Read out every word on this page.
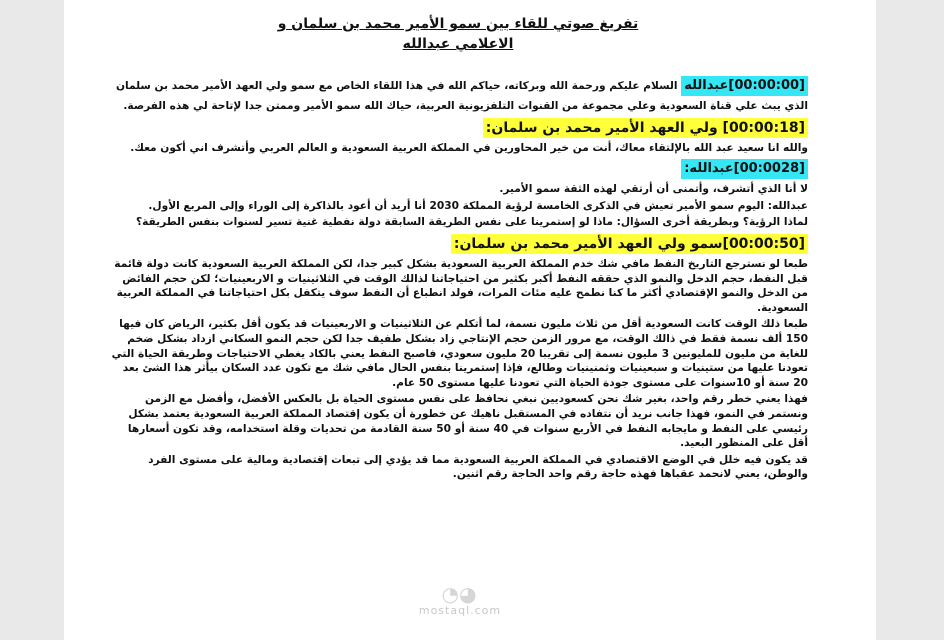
تفريغ صوتي للقاء بين سمو الأمير محمد بن سلمان و
الاعلامي عبدالله
[00:00:00]عبدالله السلام عليكم ورحمة الله وبركاته، حياكم الله في هذا اللقاء الخاص مع سمو ولي العهد الأمير محمد بن سلمان الذي يبث علي قناة السعودية وعلي مجموعة من القنوات التلفزيونية العربية، حياك الله سمو الأمير وممتن جدا لإتاحة لي هذه الفرصة.
[00:00:18] ولي العهد الأمير محمد بن سلمان:
والله انا سعيد عبد الله بالإلتقاء معاك، أنت من خير المحاورين في المملكة العربية السعودية و العالم العربي وأتشرف اني أكون معك.
[00:0028]عبدالله:
لا أنا الذي أتشرف، وأتمنى أن أرتقي لهذه الثقة سمو الأمير.
عبدالله: اليوم سمو الأمير تعيش في الذكرى الخامسة لرؤية المملكة 2030 أنا أريد أن أعود بالذاكرة إلى الوراء وإلى المربع الأول.
لماذا الرؤية؟ وبطريقة أخرى السؤال: ماذا لو إستمرينا على نفس الطريقة السابقة دولة نفطية غنية تسير لسنوات بنفس الطريقة؟
[00:00:50]سمو ولي العهد الأمير محمد بن سلمان:
طبعا لو نسترجع التاريخ النفط مافي شك خدم المملكة العربية السعودية بشكل كبير جدا، لكن المملكة العربية السعودية كانت دولة قائمة قبل النفط، حجم الدخل والنمو الذي حققه النفط أكبر بكثير من احتياجاتنا لذالك الوقت في الثلاثينيات و الاربعينيات؛ لكن حجم الفائض من الدخل والنمو الإقتصادي أكثر ما كنا نطمح عليه مئات المرات، فولد انطباع أن النفط سوف يتكفل بكل احتياجاتنا في المملكة العربية السعودية.
طبعا ذلك الوقت كانت السعودية أقل من ثلاث مليون نسمة، لما أتكلم عن الثلاثينيات و الاربعينيات قد يكون أقل بكثير، الرياض كان فيها 150 ألف نسمة فقط في ذالك الوقت، مع مرور الزمن حجم الإنتاجي زاد بشكل طفيف جدا لكن حجم النمو السكاني ازداد بشكل ضخم للغاية من مليون للمليونين 3 مليون نسمة إلى تقريبا 20 مليون سعودي، فاصبح النفط يعني بالكاد يغطي الاحتياجات وطريقة الحياة التي تعودنا عليها من ستينيات و سبعينيات وثمنينيات وطالع، فإذا إستمرينا بنفس الحال مافي شك مع تكون عدد السكان بيأثر هذا الشئ بعد 20 سنة أو 10سنوات على مستوى جودة الحياة التي تعودنا عليها مستوى 50 عام.
فهذا يعني خطر رقم واحد، بغير شك نحن كسعوديين نبغي نحافظ على نفس مستوى الحياة بل بالعكس الأفضل، وأفضل مع الزمن ونستمر في النمو، فهذا جانب نريد أن نتفاده في المستقبل ناهيك عن خطورة أن يكون إقتصاد المملكة العربية السعودية يعتمد بشكل رئيسي على النفط و مايجابه النفط في الأربع سنوات في 40 سنة أو 50 سنة القادمة من تحديات وقلة استخدامه، وقد تكون أسعارها أقل على المنظور البعيد.
قد يكون فيه خلل في الوضع الاقتصادي في المملكة العربية السعودية مما قد يؤدي إلى تبعات إقتصادية ومالية على مستوى الفرد والوطن، يعني لانحمد عقباها فهذه حاجة رقم واحد الحاجة رقم اثنين.
◔◕
mostaql.com
